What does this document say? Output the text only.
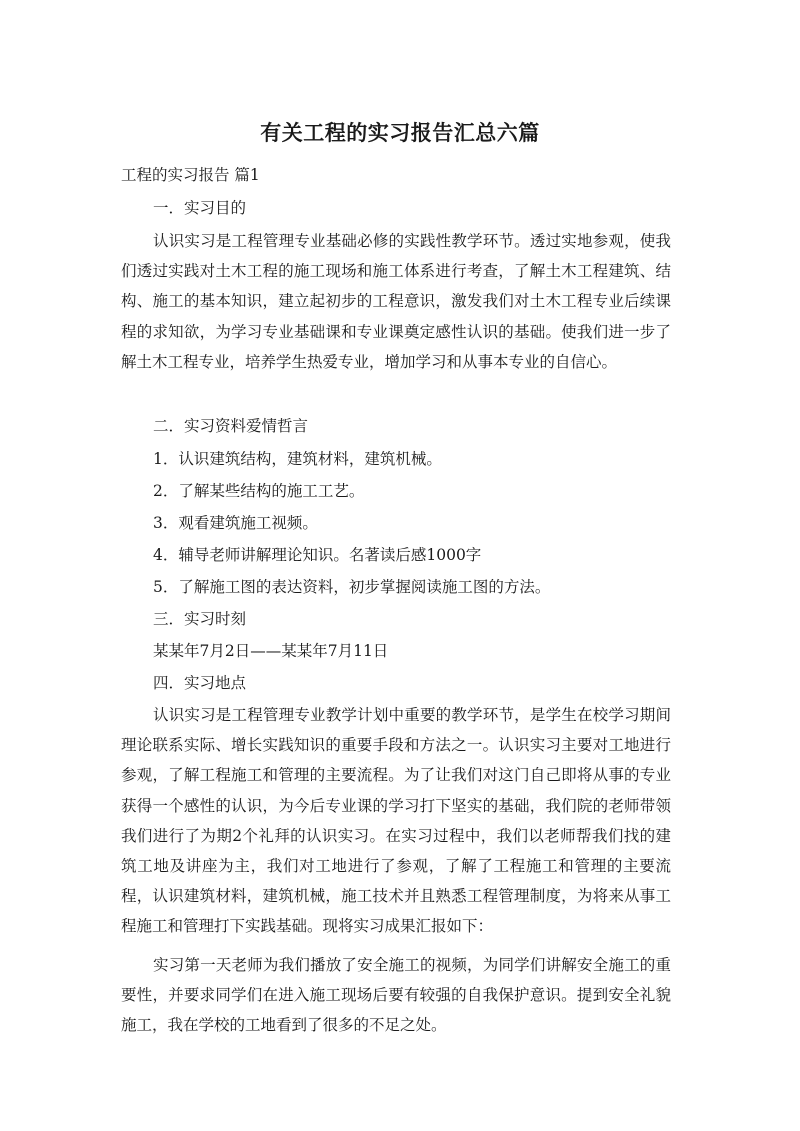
有关工程的实习报告汇总六篇

工程的实习报告 篇1

一．实习目的

认识实习是工程管理专业基础必修的实践性教学环节。透过实地参观，使我们透过实践对土木工程的施工现场和施工体系进行考查，了解土木工程建筑、结构、施工的基本知识，建立起初步的工程意识，激发我们对土木工程专业后续课程的求知欲，为学习专业基础课和专业课奠定感性认识的基础。使我们进一步了解土木工程专业，培养学生热爱专业，增加学习和从事本专业的自信心。

二．实习资料爱情哲言

1．认识建筑结构，建筑材料，建筑机械。

2．了解某些结构的施工工艺。

3．观看建筑施工视频。

4．辅导老师讲解理论知识。名著读后感1000字

5．了解施工图的表达资料，初步掌握阅读施工图的方法。

三．实习时刻

某某年7月2日——某某年7月11日

四．实习地点

认识实习是工程管理专业教学计划中重要的教学环节，是学生在校学习期间理论联系实际、增长实践知识的重要手段和方法之一。认识实习主要对工地进行参观，了解工程施工和管理的主要流程。为了让我们对这门自己即将从事的专业获得一个感性的认识，为今后专业课的学习打下坚实的基础，我们院的老师带领我们进行了为期2个礼拜的认识实习。在实习过程中，我们以老师帮我们找的建筑工地及讲座为主，我们对工地进行了参观，了解了工程施工和管理的主要流程，认识建筑材料，建筑机械，施工技术并且熟悉工程管理制度，为将来从事工程施工和管理打下实践基础。现将实习成果汇报如下：

实习第一天老师为我们播放了安全施工的视频，为同学们讲解安全施工的重要性，并要求同学们在进入施工现场后要有较强的自我保护意识。提到安全礼貌施工，我在学校的工地看到了很多的不足之处。
